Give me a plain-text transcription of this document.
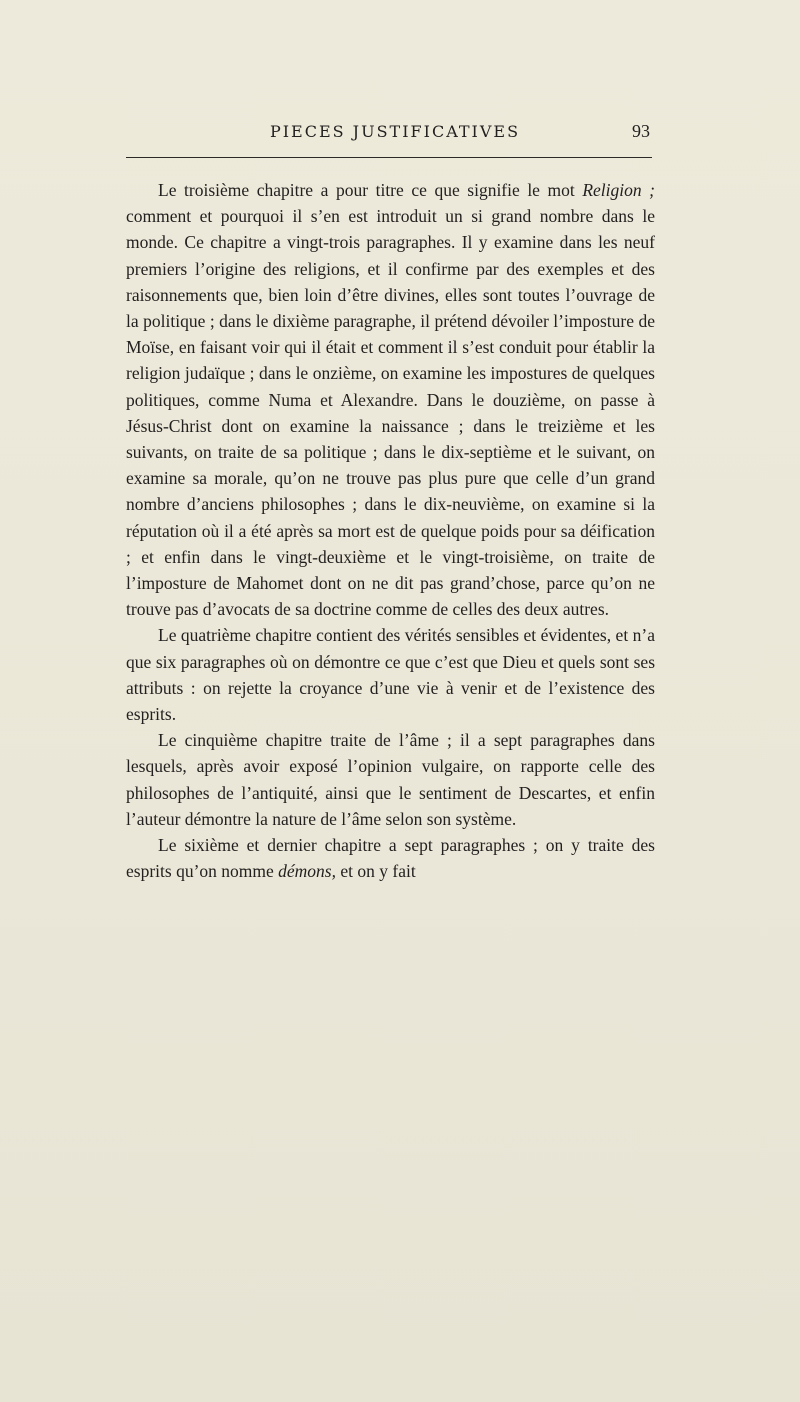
PIECES JUSTIFICATIVES	93

Le troisième chapitre a pour titre ce que signifie le mot Religion ; comment et pourquoi il s’en est introduit un si grand nombre dans le monde. Ce chapitre a vingt-trois paragraphes. Il y examine dans les neuf premiers l’origine des religions, et il confirme par des exemples et des raisonnements que, bien loin d’être divines, elles sont toutes l’ouvrage de la politique ; dans le dixième paragraphe, il prétend dévoiler l’imposture de Moïse, en faisant voir qui il était et comment il s’est conduit pour établir la religion judaïque ; dans le onzième, on examine les impostures de quelques politiques, comme Numa et Alexandre. Dans le douzième, on passe à Jésus-Christ dont on examine la naissance ; dans le treizième et les suivants, on traite de sa politique ; dans le dix-septième et le suivant, on examine sa morale, qu’on ne trouve pas plus pure que celle d’un grand nombre d’anciens philosophes ; dans le dix-neuvième, on examine si la réputation où il a été après sa mort est de quelque poids pour sa déification ; et enfin dans le vingt-deuxième et le vingt-troisième, on traite de l’imposture de Mahomet dont on ne dit pas grand’chose, parce qu’on ne trouve pas d’avocats de sa doctrine comme de celles des deux autres.

Le quatrième chapitre contient des vérités sensibles et évidentes, et n’a que six paragraphes où on démontre ce que c’est que Dieu et quels sont ses attributs : on rejette la croyance d’une vie à venir et de l’existence des esprits.

Le cinquième chapitre traite de l’âme ; il a sept paragraphes dans lesquels, après avoir exposé l’opinion vulgaire, on rapporte celle des philosophes de l’antiquité, ainsi que le sentiment de Descartes, et enfin l’auteur démontre la nature de l’âme selon son système.

Le sixième et dernier chapitre a sept paragraphes ; on y traite des esprits qu’on nomme démons, et on y fait
